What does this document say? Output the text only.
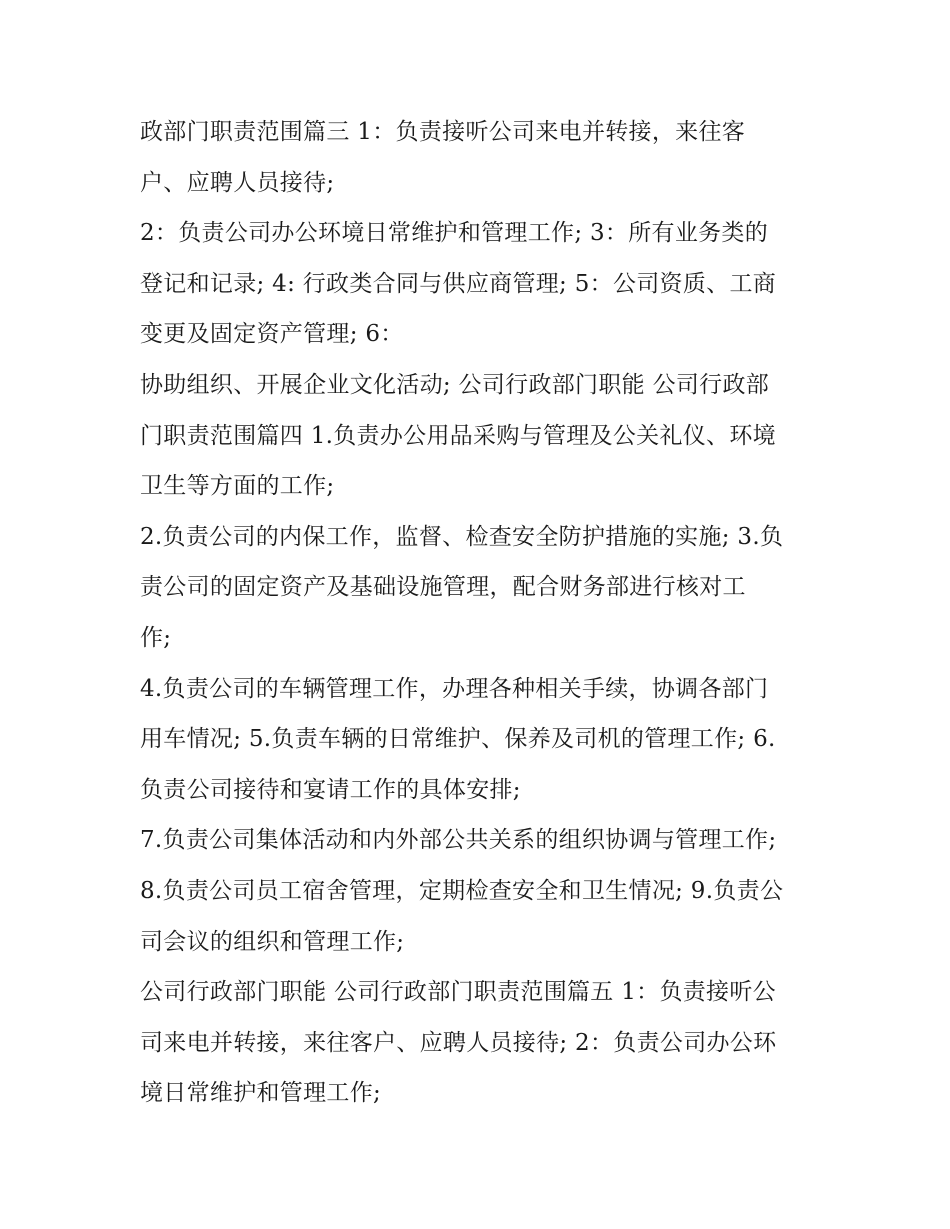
政部门职责范围篇三 1：负责接听公司来电并转接，来往客
户、应聘人员接待;
2：负责公司办公环境日常维护和管理工作; 3：所有业务类的
登记和记录; 4: 行政类合同与供应商管理; 5：公司资质、工商
变更及固定资产管理; 6：
协助组织、开展企业文化活动; 公司行政部门职能 公司行政部
门职责范围篇四 1.负责办公用品采购与管理及公关礼仪、环境
卫生等方面的工作;
2.负责公司的内保工作，监督、检查安全防护措施的实施; 3.负
责公司的固定资产及基础设施管理，配合财务部进行核对工
作;
4.负责公司的车辆管理工作，办理各种相关手续，协调各部门
用车情况; 5.负责车辆的日常维护、保养及司机的管理工作; 6.
负责公司接待和宴请工作的具体安排;
7.负责公司集体活动和内外部公共关系的组织协调与管理工作;
8.负责公司员工宿舍管理，定期检查安全和卫生情况; 9.负责公
司会议的组织和管理工作;
公司行政部门职能 公司行政部门职责范围篇五 1：负责接听公
司来电并转接，来往客户、应聘人员接待; 2：负责公司办公环
境日常维护和管理工作;
